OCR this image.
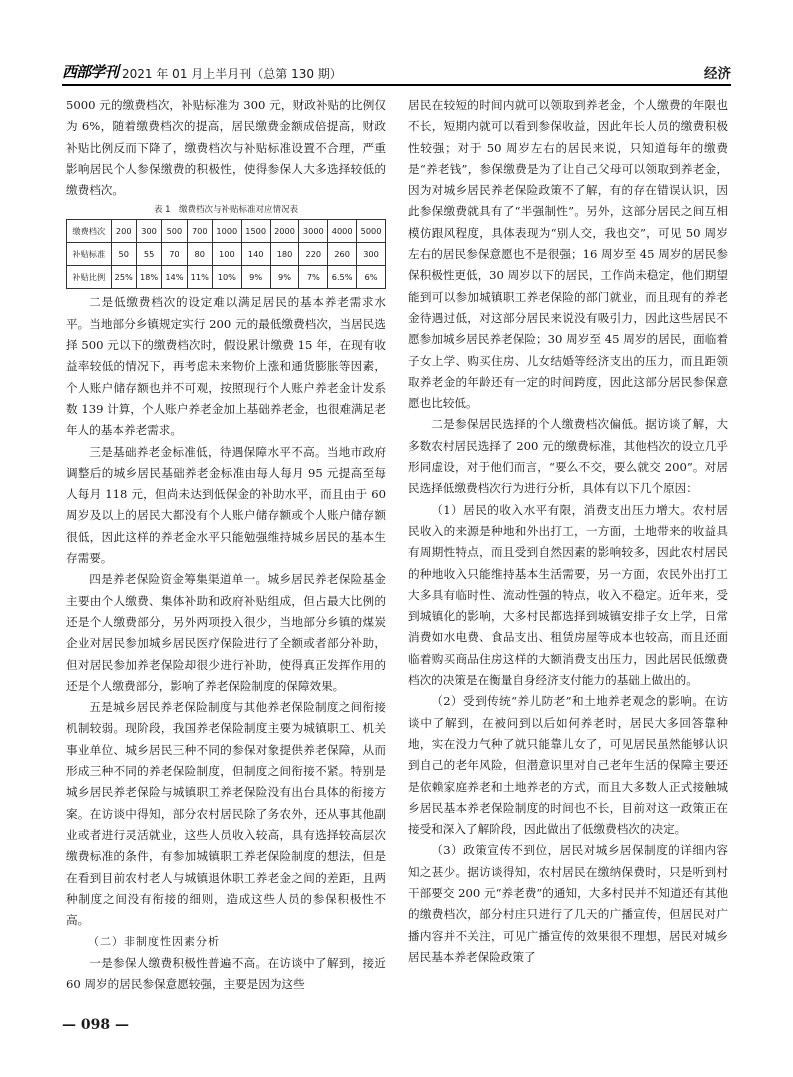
西部学刊 2021 年 01 月上半月刊（总第 130 期）	经济

5000 元的缴费档次，补贴标准为 300 元，财政补贴的比例仅为 6%，随着缴费档次的提高，居民缴费金额成倍提高，财政补贴比例反而下降了，缴费档次与补贴标准设置不合理，严重影响居民个人参保缴费的积极性，使得参保人大多选择较低的缴费档次。

表 1　缴费档次与补贴标准对应情况表
缴费档次	200	300	500	700	1000	1500	2000	3000	4000	5000
补贴标准	50	55	70	80	100	140	180	220	260	300
补贴比例	25%	18%	14%	11%	10%	9%	9%	7%	6.5%	6%

二是低缴费档次的设定难以满足居民的基本养老需求水平。当地部分乡镇规定实行 200 元的最低缴费档次，当居民选择 500 元以下的缴费档次时，假设累计缴费 15 年，在现有收益率较低的情况下，再考虑未来物价上涨和通货膨胀等因素，个人账户储存额也并不可观，按照现行个人账户养老金计发系数 139 计算，个人账户养老金加上基础养老金，也很难满足老年人的基本养老需求。

三是基础养老金标准低，待遇保障水平不高。当地市政府调整后的城乡居民基础养老金标准由每人每月 95 元提高至每人每月 118 元，但尚未达到低保金的补助水平，而且由于 60 周岁及以上的居民大都没有个人账户储存额或个人账户储存额很低，因此这样的养老金水平只能勉强维持城乡居民的基本生存需要。

四是养老保险资金筹集渠道单一。城乡居民养老保险基金主要由个人缴费、集体补助和政府补贴组成，但占最大比例的还是个人缴费部分，另外两项投入很少，当地部分乡镇的煤炭企业对居民参加城乡居民医疗保险进行了全额或者部分补助，但对居民参加养老保险却很少进行补助，使得真正发挥作用的还是个人缴费部分，影响了养老保险制度的保障效果。

五是城乡居民养老保险制度与其他养老保险制度之间衔接机制较弱。现阶段，我国养老保险制度主要为城镇职工、机关事业单位、城乡居民三种不同的参保对象提供养老保障，从而形成三种不同的养老保险制度，但制度之间衔接不紧。特别是城乡居民养老保险与城镇职工养老保险没有出台具体的衔接方案。在访谈中得知，部分农村居民除了务农外，还从事其他副业或者进行灵活就业，这些人员收入较高，具有选择较高层次缴费标准的条件，有参加城镇职工养老保险制度的想法，但是在看到目前农村老人与城镇退休职工养老金之间的差距，且两种制度之间没有衔接的细则，造成这些人员的参保积极性不高。

（二）非制度性因素分析

一是参保人缴费积极性普遍不高。在访谈中了解到，接近 60 周岁的居民参保意愿较强，主要是因为这些

居民在较短的时间内就可以领取到养老金，个人缴费的年限也不长，短期内就可以看到参保收益，因此年长人员的缴费积极性较强；对于 50 周岁左右的居民来说，只知道每年的缴费是“养老钱”，参保缴费是为了让自己父母可以领取到养老金，因为对城乡居民养老保险政策不了解，有的存在错误认识，因此参保缴费就具有了“半强制性”。另外，这部分居民之间互相模仿跟风程度，具体表现为“别人交，我也交”，可见 50 周岁左右的居民参保意愿也不是很强；16 周岁至 45 周岁的居民参保积极性更低，30 周岁以下的居民，工作尚未稳定，他们期望能到可以参加城镇职工养老保险的部门就业，而且现有的养老金待遇过低，对这部分居民来说没有吸引力，因此这些居民不愿参加城乡居民养老保险；30 周岁至 45 周岁的居民，面临着子女上学、购买住房、儿女结婚等经济支出的压力，而且距领取养老金的年龄还有一定的时间跨度，因此这部分居民参保意愿也比较低。

二是参保居民选择的个人缴费档次偏低。据访谈了解，大多数农村居民选择了 200 元的缴费标准，其他档次的设立几乎形同虚设，对于他们而言，“要么不交，要么就交 200”。对居民选择低缴费档次行为进行分析，具体有以下几个原因：

（1）居民的收入水平有限，消费支出压力增大。农村居民收入的来源是种地和外出打工，一方面，土地带来的收益具有周期性特点，而且受到自然因素的影响较多，因此农村居民的种地收入只能维持基本生活需要，另一方面，农民外出打工大多具有临时性、流动性强的特点，收入不稳定。近年来，受到城镇化的影响，大多村民都选择到城镇安排子女上学，日常消费如水电费、食品支出、租赁房屋等成本也较高，而且还面临着购买商品住房这样的大额消费支出压力，因此居民低缴费档次的决策是在衡量自身经济支付能力的基础上做出的。

（2）受到传统“养儿防老”和土地养老观念的影响。在访谈中了解到，在被问到以后如何养老时，居民大多回答靠种地，实在没力气种了就只能靠儿女了，可见居民虽然能够认识到自己的老年风险，但潜意识里对自己老年生活的保障主要还是依赖家庭养老和土地养老的方式，而且大多数人正式接触城乡居民基本养老保险制度的时间也不长，目前对这一政策正在接受和深入了解阶段，因此做出了低缴费档次的决定。

（3）政策宣传不到位，居民对城乡居保制度的详细内容知之甚少。据访谈得知，农村居民在缴纳保费时，只是听到村干部要交 200 元“养老费”的通知，大多村民并不知道还有其他的缴费档次，部分村庄只进行了几天的广播宣传，但居民对广播内容并不关注，可见广播宣传的效果很不理想，居民对城乡居民基本养老保险政策了

— 098 —
